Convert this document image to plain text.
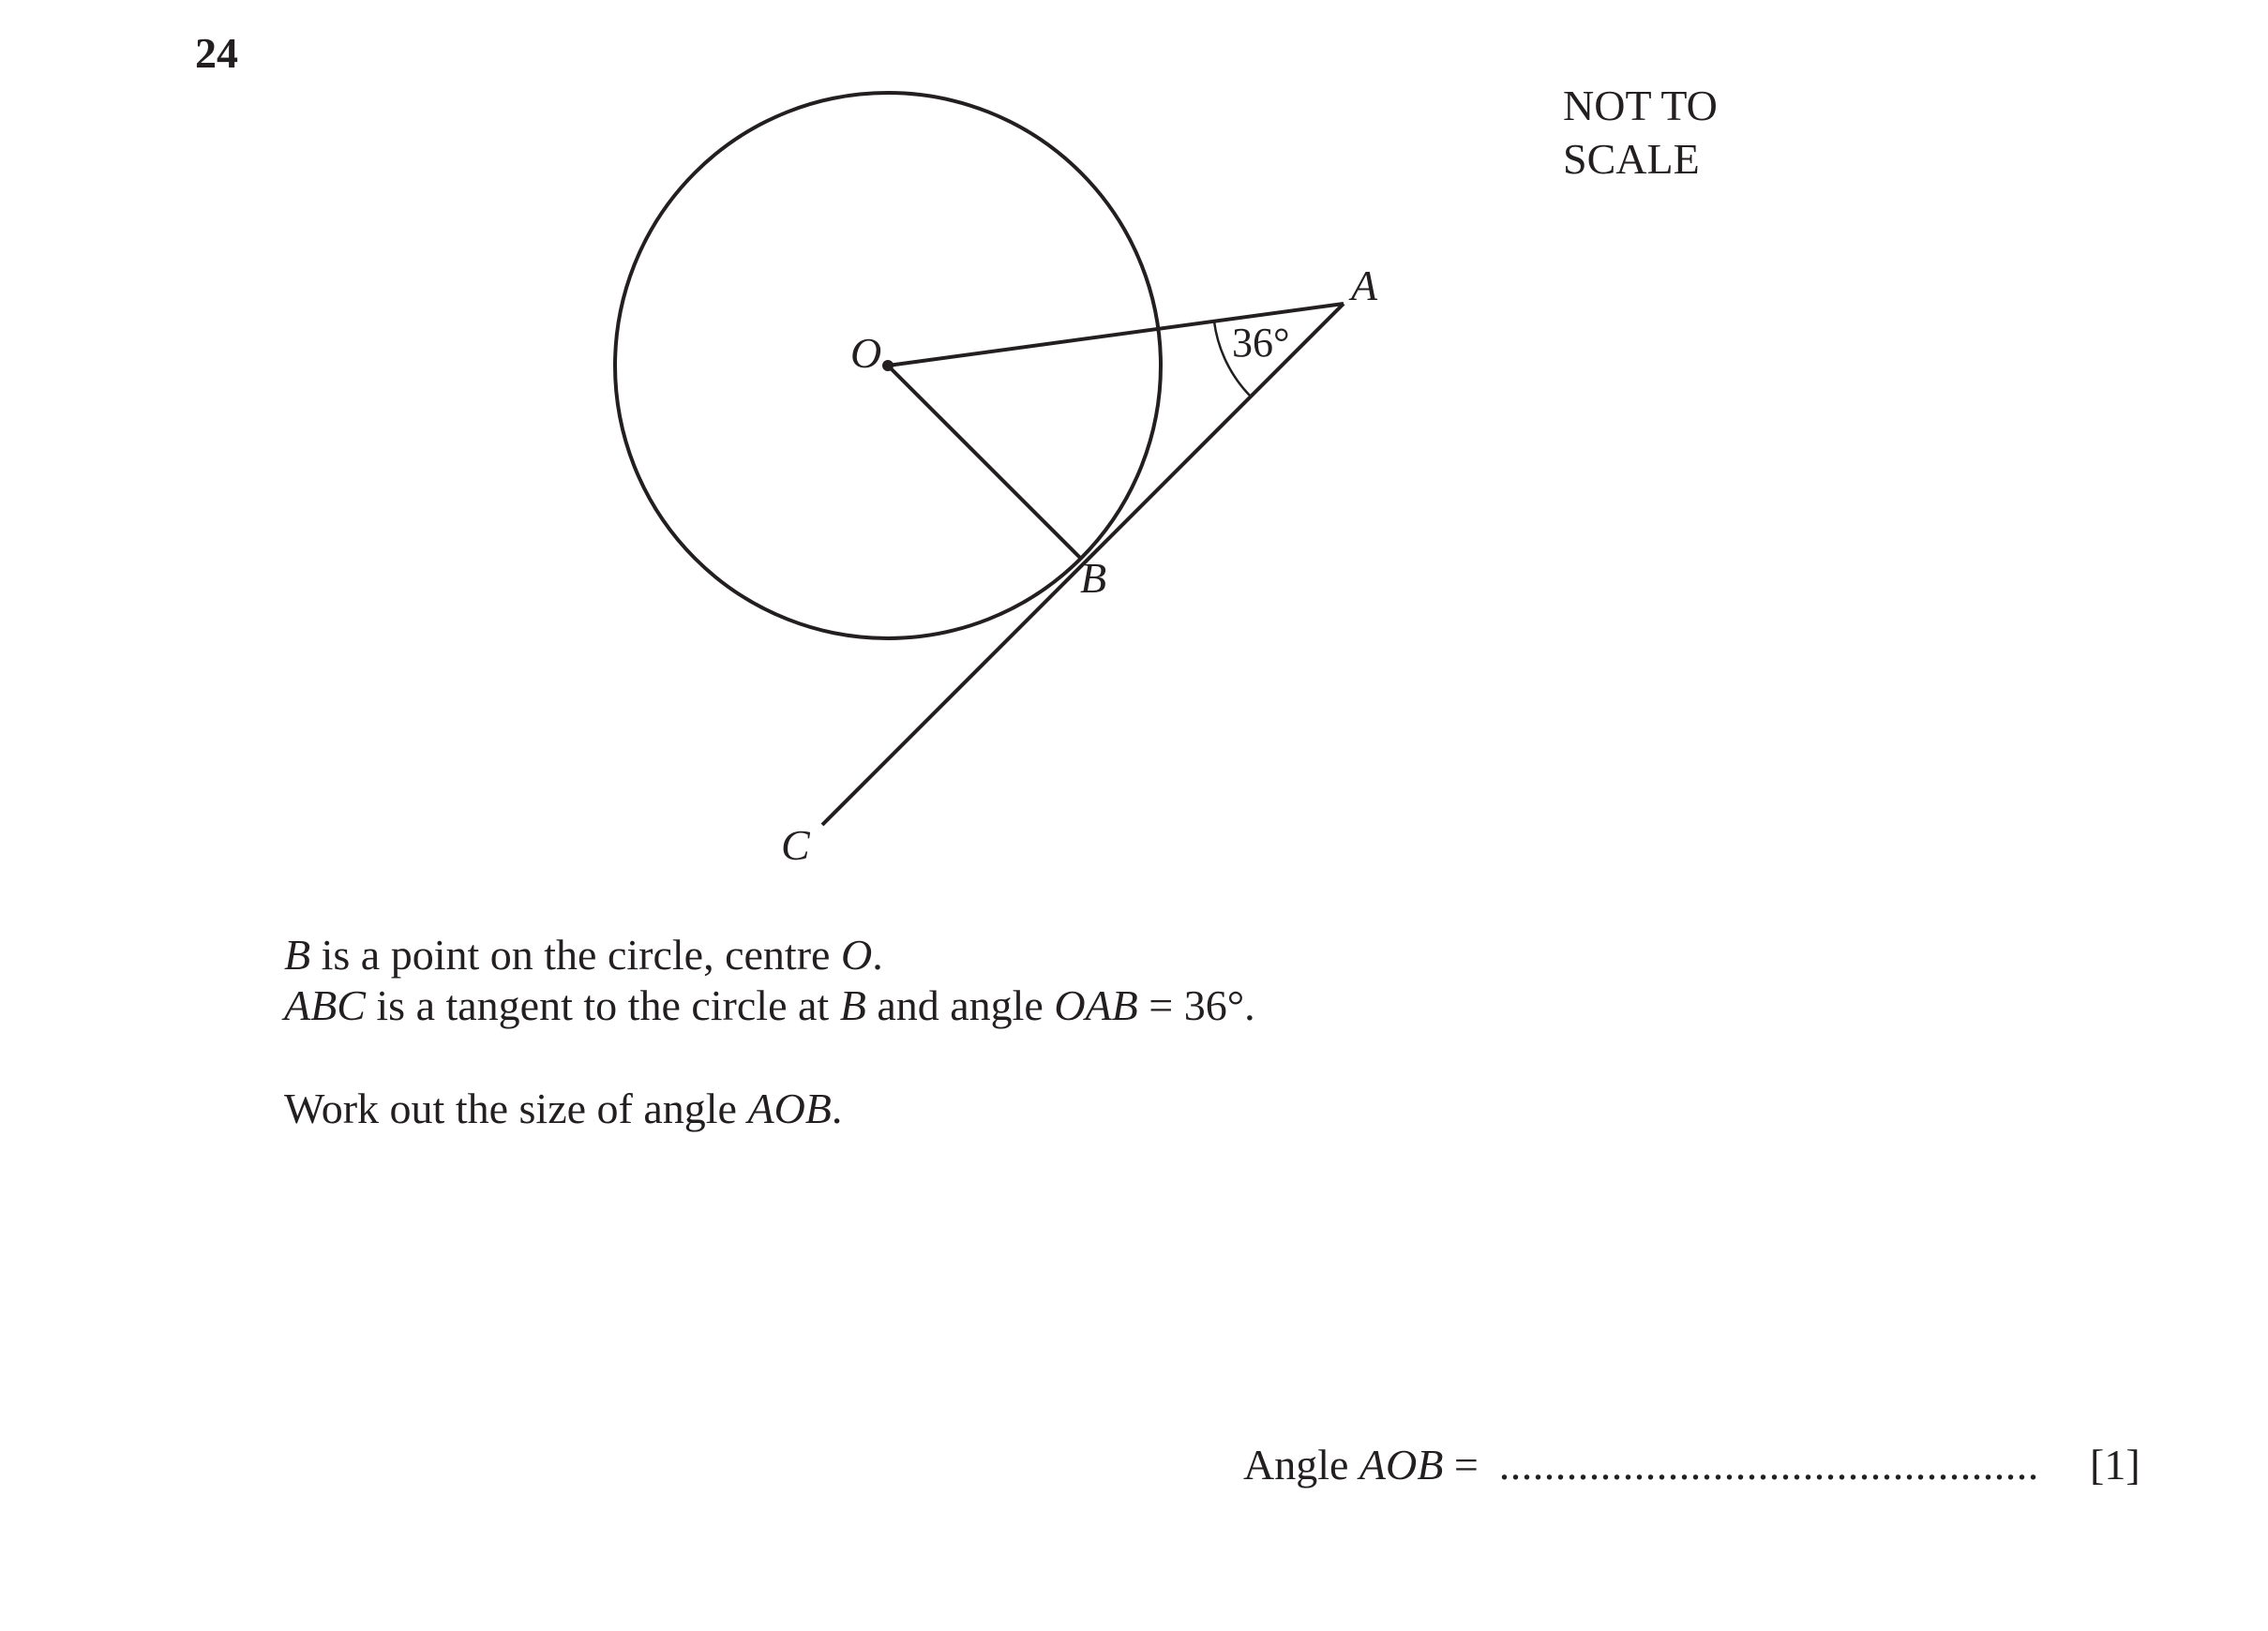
24
NOT TO
SCALE
O
A
B
C
36°
B is a point on the circle, centre O.
ABC is a tangent to the circle at B and angle OAB = 36°.
Work out the size of angle AOB.
Angle AOB = ................................................ [1]
